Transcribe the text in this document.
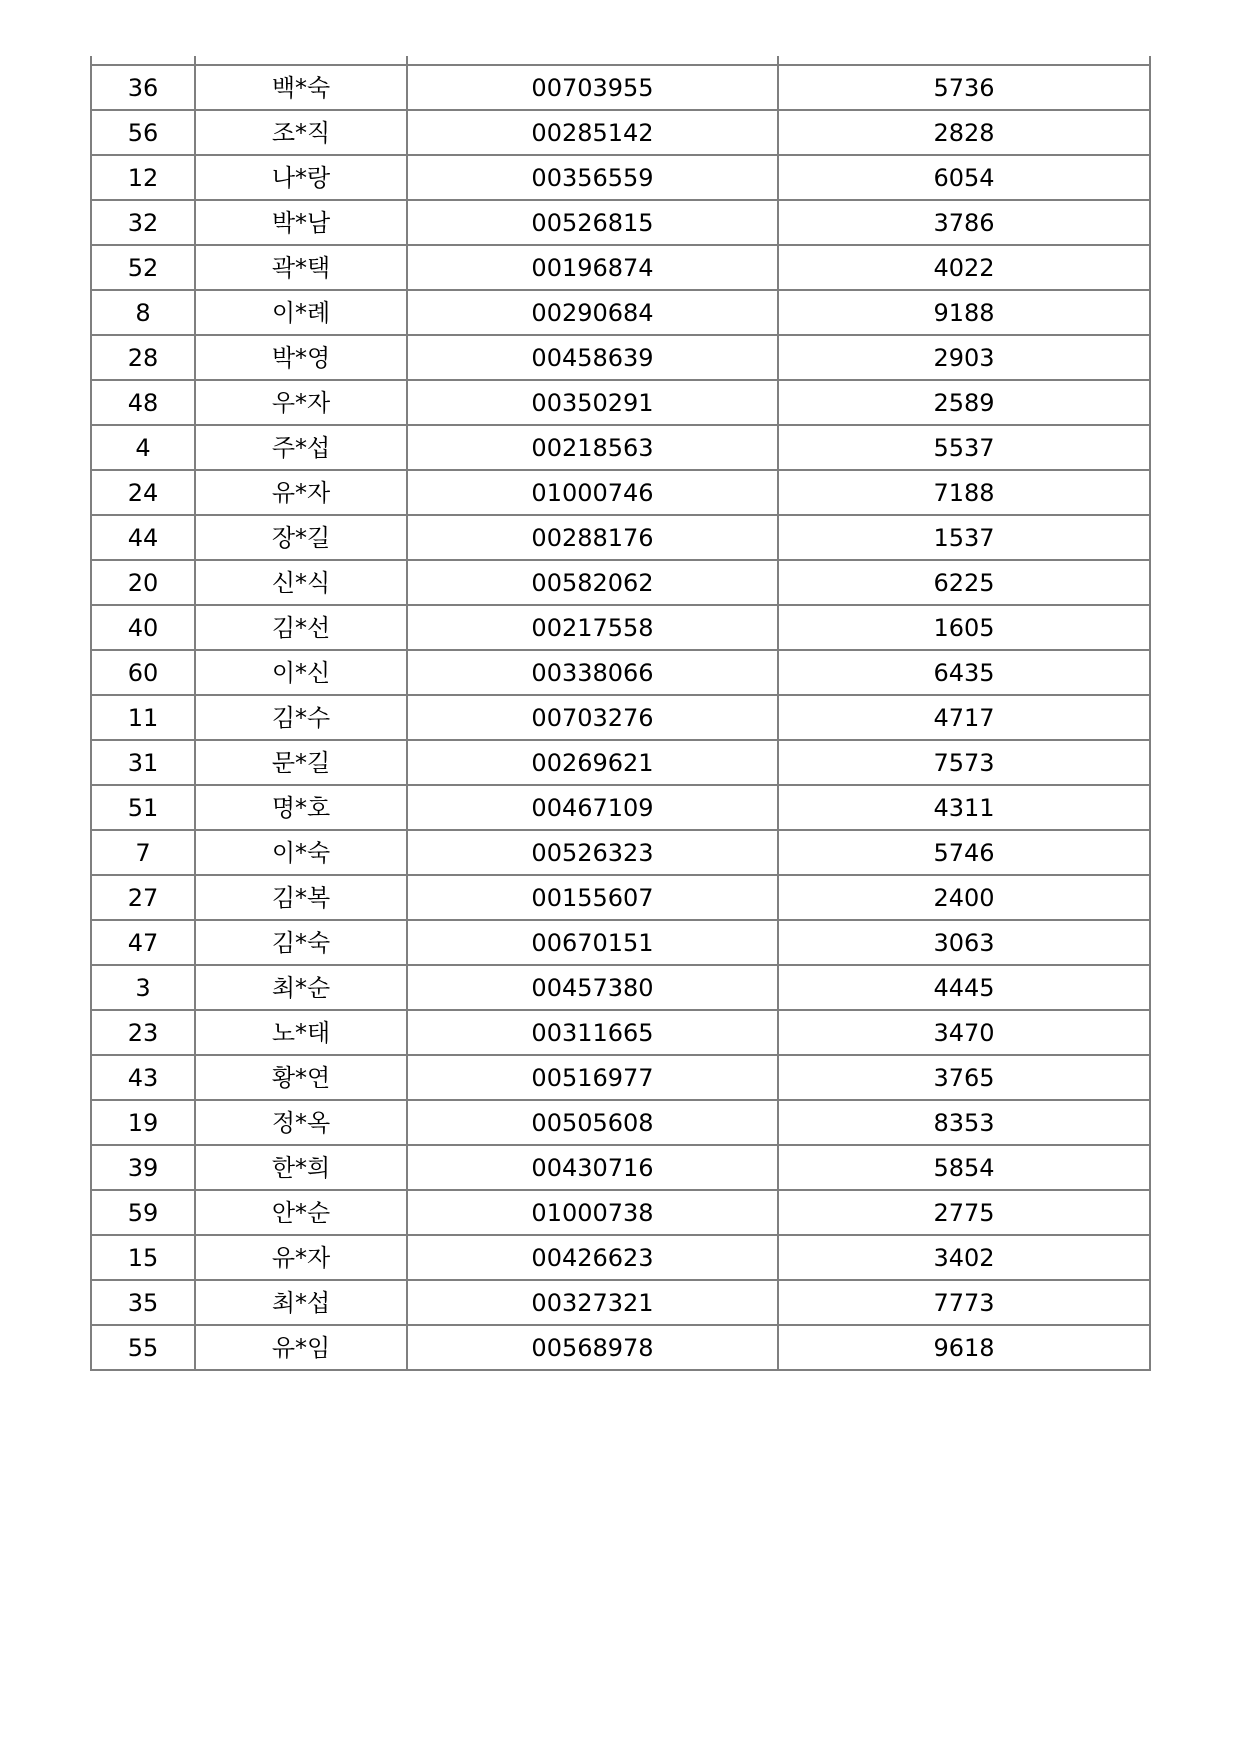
36	백*숙	00703955	5736
56	조*직	00285142	2828
12	나*랑	00356559	6054
32	박*남	00526815	3786
52	곽*택	00196874	4022
8	이*례	00290684	9188
28	박*영	00458639	2903
48	우*자	00350291	2589
4	주*섭	00218563	5537
24	유*자	01000746	7188
44	장*길	00288176	1537
20	신*식	00582062	6225
40	김*선	00217558	1605
60	이*신	00338066	6435
11	김*수	00703276	4717
31	문*길	00269621	7573
51	명*호	00467109	4311
7	이*숙	00526323	5746
27	김*복	00155607	2400
47	김*숙	00670151	3063
3	최*순	00457380	4445
23	노*태	00311665	3470
43	황*연	00516977	3765
19	정*옥	00505608	8353
39	한*희	00430716	5854
59	안*순	01000738	2775
15	유*자	00426623	3402
35	최*섭	00327321	7773
55	유*임	00568978	9618
